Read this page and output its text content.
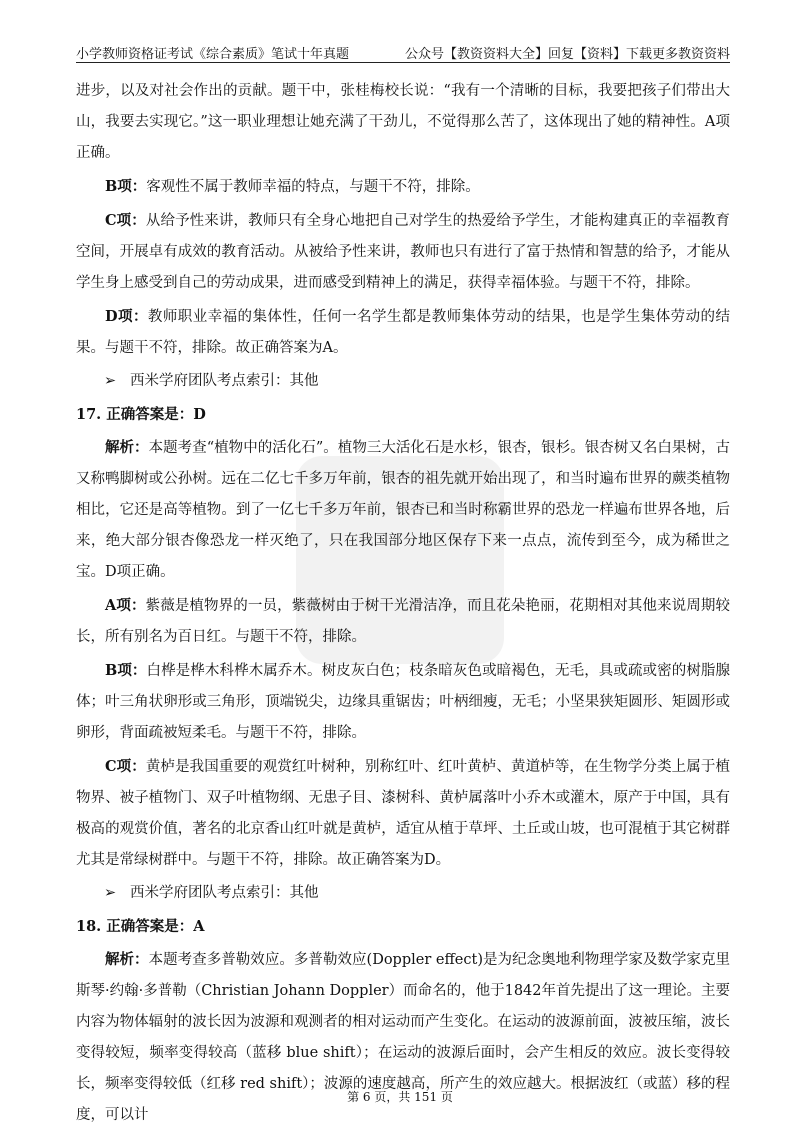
小学教师资格证考试《综合素质》笔试十年真题	公众号【教资资料大全】回复【资料】下载更多教资资料

进步，以及对社会作出的贡献。题干中，张桂梅校长说：“我有一个清晰的目标，我要把孩子们带出大山，我要去实现它。”这一职业理想让她充满了干劲儿，不觉得那么苦了，这体现出了她的精神性。A项正确。

B项：客观性不属于教师幸福的特点，与题干不符，排除。

C项：从给予性来讲，教师只有全身心地把自己对学生的热爱给予学生，才能构建真正的幸福教育空间，开展卓有成效的教育活动。从被给予性来讲，教师也只有进行了富于热情和智慧的给予，才能从学生身上感受到自己的劳动成果，进而感受到精神上的满足，获得幸福体验。与题干不符，排除。

D项：教师职业幸福的集体性，任何一名学生都是教师集体劳动的结果，也是学生集体劳动的结果。与题干不符，排除。故正确答案为A。

➢ 西米学府团队考点索引：其他

17. 正确答案是：D

解析：本题考查“植物中的活化石”。植物三大活化石是水杉，银杏，银杉。银杏树又名白果树，古又称鸭脚树或公孙树。远在二亿七千多万年前，银杏的祖先就开始出现了，和当时遍布世界的蕨类植物相比，它还是高等植物。到了一亿七千多万年前，银杏已和当时称霸世界的恐龙一样遍布世界各地，后来，绝大部分银杏像恐龙一样灭绝了，只在我国部分地区保存下来一点点，流传到至今，成为稀世之宝。D项正确。

A项：紫薇是植物界的一员，紫薇树由于树干光滑洁净，而且花朵艳丽，花期相对其他来说周期较长，所有别名为百日红。与题干不符，排除。

B项：白桦是桦木科桦木属乔木。树皮灰白色；枝条暗灰色或暗褐色，无毛，具或疏或密的树脂腺体；叶三角状卵形或三角形，顶端锐尖，边缘具重锯齿；叶柄细瘦，无毛；小坚果狭矩圆形、矩圆形或卵形，背面疏被短柔毛。与题干不符，排除。

C项：黄栌是我国重要的观赏红叶树种，别称红叶、红叶黄栌、黄道栌等，在生物学分类上属于植物界、被子植物门、双子叶植物纲、无患子目、漆树科、黄栌属落叶小乔木或灌木，原产于中国，具有极高的观赏价值，著名的北京香山红叶就是黄栌，适宜从植于草坪、土丘或山坡，也可混植于其它树群尤其是常绿树群中。与题干不符，排除。故正确答案为D。

➢ 西米学府团队考点索引：其他

18. 正确答案是：A

解析：本题考查多普勒效应。多普勒效应(Doppler effect)是为纪念奥地利物理学家及数学家克里斯琴·约翰·多普勒（Christian Johann Doppler）而命名的，他于1842年首先提出了这一理论。主要内容为物体辐射的波长因为波源和观测者的相对运动而产生变化。在运动的波源前面，波被压缩，波长变得较短，频率变得较高（蓝移 blue shift）；在运动的波源后面时，会产生相反的效应。波长变得较长，频率变得较低（红移 red shift）；波源的速度越高，所产生的效应越大。根据波红（或蓝）移的程度，可以计

第 6 页，共 151 页
